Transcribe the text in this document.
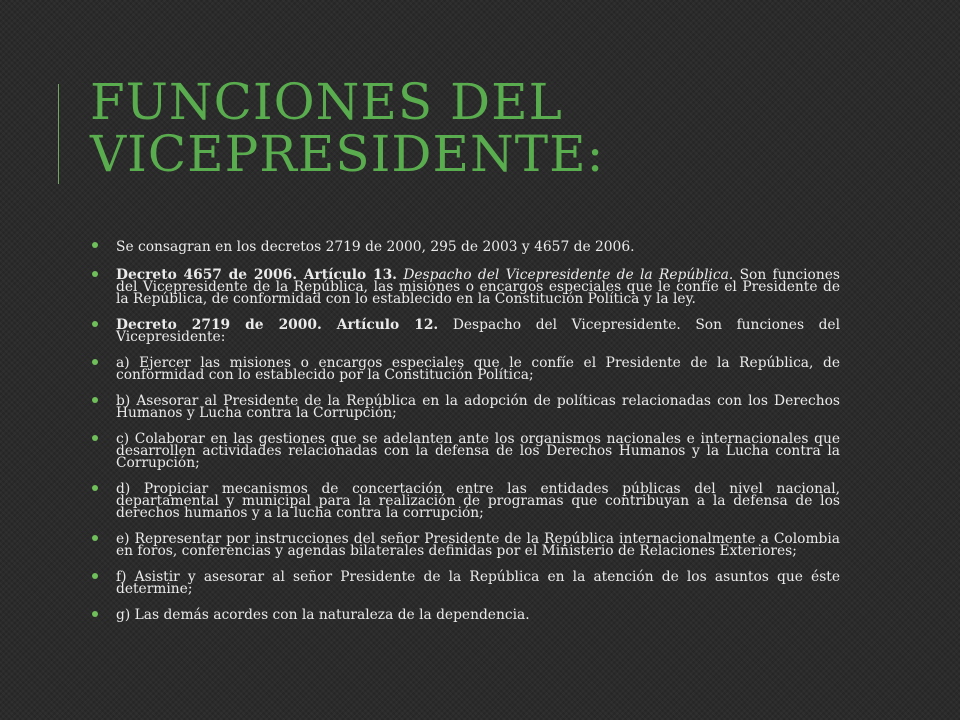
FUNCIONES DEL VICEPRESIDENTE:
Se consagran en los decretos 2719 de 2000, 295 de 2003 y 4657 de 2006.
Decreto 4657 de 2006. Artículo 13. Despacho del Vicepresidente de la República. Son funciones del Vicepresidente de la República, las misiones o encargos especiales que le confíe el Presidente de la República, de conformidad con lo establecido en la Constitución Política y la ley.
Decreto 2719 de 2000. Artículo 12. Despacho del Vicepresidente. Son funciones del Vicepresidente:
a) Ejercer las misiones o encargos especiales que le confíe el Presidente de la República, de conformidad con lo establecido por la Constitución Política;
b) Asesorar al Presidente de la República en la adopción de políticas relacionadas con los Derechos Humanos y Lucha contra la Corrupción;
c) Colaborar en las gestiones que se adelanten ante los organismos nacionales e internacionales que desarrollen actividades relacionadas con la defensa de los Derechos Humanos y la Lucha contra la Corrupción;
d) Propiciar mecanismos de concertación entre las entidades públicas del nivel nacional, departamental y municipal para la realización de programas que contribuyan a la defensa de los derechos humanos y a la lucha contra la corrupción;
e) Representar por instrucciones del señor Presidente de la República internacionalmente a Colombia en foros, conferencias y agendas bilaterales definidas por el Ministerio de Relaciones Exteriores;
f) Asistir y asesorar al señor Presidente de la República en la atención de los asuntos que éste determine;
g) Las demás acordes con la naturaleza de la dependencia.
